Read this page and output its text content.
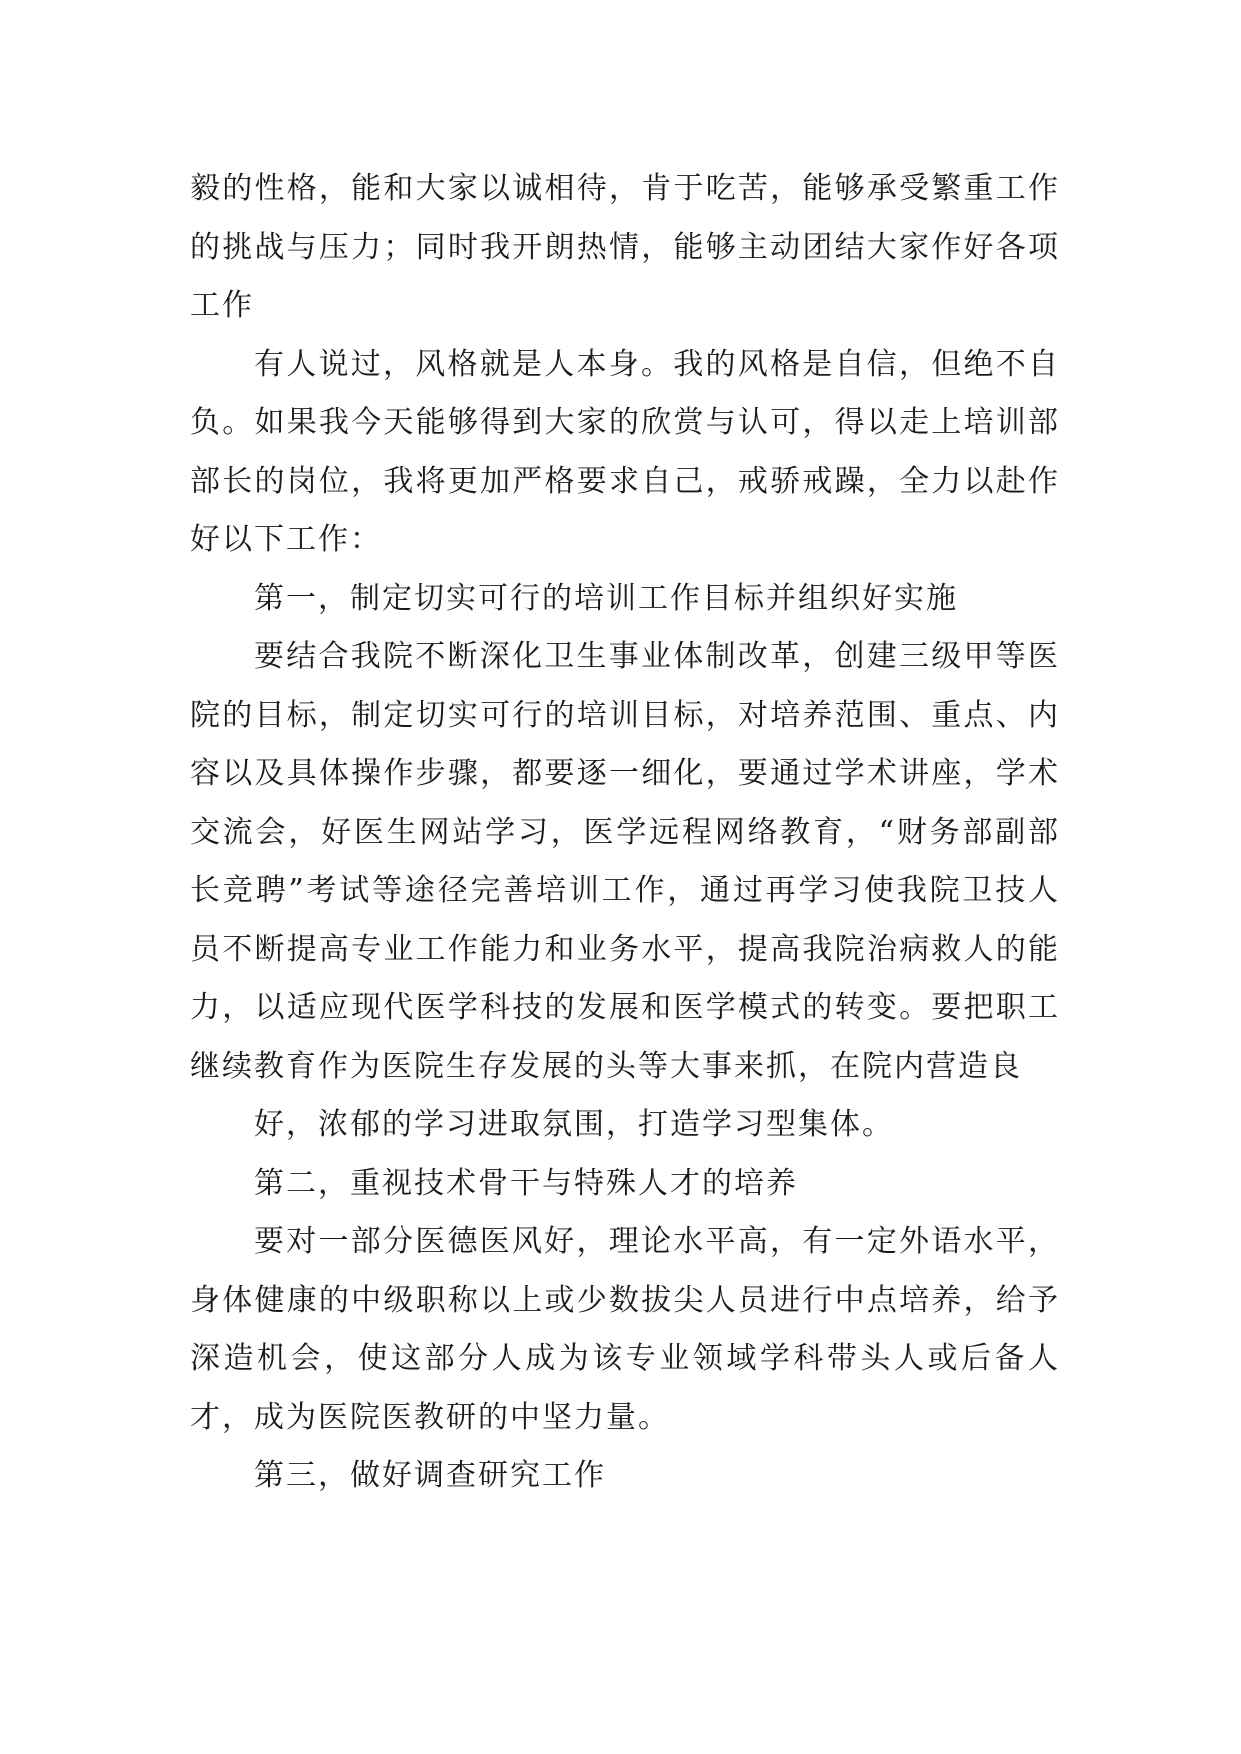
毅的性格，能和大家以诚相待，肯于吃苦，能够承受繁重工作的挑战与压力；同时我开朗热情，能够主动团结大家作好各项工作

有人说过，风格就是人本身。我的风格是自信，但绝不自负。如果我今天能够得到大家的欣赏与认可，得以走上培训部部长的岗位，我将更加严格要求自己，戒骄戒躁，全力以赴作好以下工作：

第一，制定切实可行的培训工作目标并组织好实施

要结合我院不断深化卫生事业体制改革，创建三级甲等医院的目标，制定切实可行的培训目标，对培养范围、重点、内容以及具体操作步骤，都要逐一细化，要通过学术讲座，学术交流会，好医生网站学习，医学远程网络教育，“财务部副部长竞聘”考试等途径完善培训工作，通过再学习使我院卫技人员不断提高专业工作能力和业务水平，提高我院治病救人的能力，以适应现代医学科技的发展和医学模式的转变。要把职工继续教育作为医院生存发展的头等大事来抓，在院内营造良

好，浓郁的学习进取氛围，打造学习型集体。

第二，重视技术骨干与特殊人才的培养

要对一部分医德医风好，理论水平高，有一定外语水平，身体健康的中级职称以上或少数拔尖人员进行中点培养，给予深造机会，使这部分人成为该专业领域学科带头人或后备人才，成为医院医教研的中坚力量。

第三，做好调查研究工作
